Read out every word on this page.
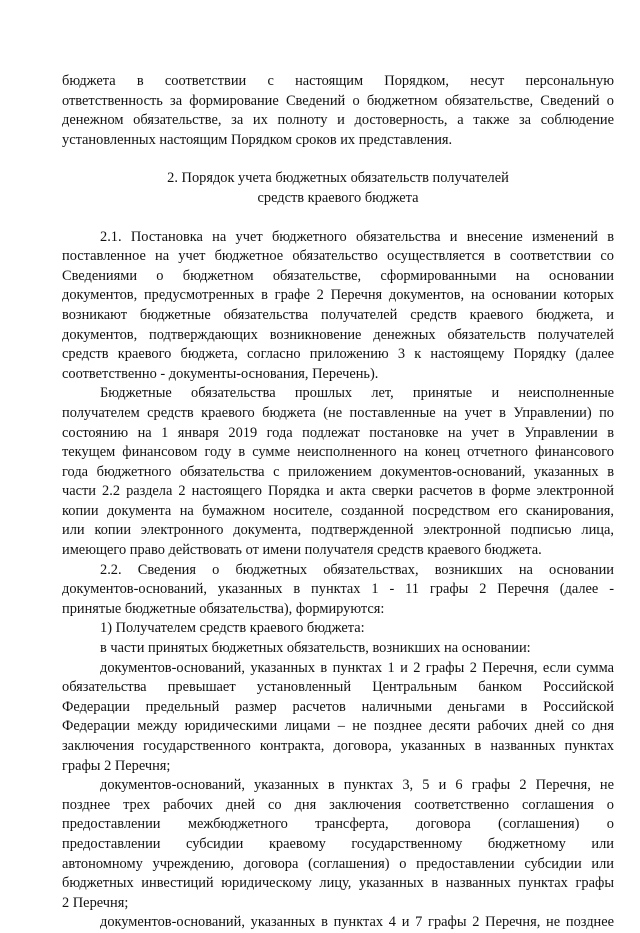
бюджета в соответствии с настоящим Порядком, несут персональную

ответственность за формирование Сведений о бюджетном обязательстве, Сведений о

денежном обязательстве, за их полноту и достоверность, а также за соблюдение

установленных настоящим Порядком сроков их представления.

2. Порядок учета бюджетных обязательств получателей
средств краевого бюджета

2.1. Постановка на учет бюджетного обязательства и внесение изменений в

поставленное на учет бюджетное обязательство осуществляется в соответствии со

Сведениями о бюджетном обязательстве, сформированными на основании

документов, предусмотренных в графе 2 Перечня документов, на основании которых

возникают бюджетные обязательства получателей средств краевого бюджета, и

документов, подтверждающих возникновение денежных обязательств получателей

средств краевого бюджета, согласно приложению 3 к настоящему Порядку (далее

соответственно - документы-основания, Перечень).

Бюджетные обязательства прошлых лет, принятые и неисполненные

получателем средств краевого бюджета (не поставленные на учет в Управлении) по

состоянию на 1 января 2019 года подлежат постановке на учет в Управлении в

текущем финансовом году в сумме неисполненного на конец отчетного финансового

года бюджетного обязательства с приложением документов-оснований, указанных в

части 2.2 раздела 2 настоящего Порядка и акта сверки расчетов в форме электронной

копии документа на бумажном носителе, созданной посредством его сканирования,

или копии электронного документа, подтвержденной электронной подписью лица,

имеющего право действовать от имени получателя средств краевого бюджета.

2.2. Сведения о бюджетных обязательствах, возникших на основании

документов-оснований, указанных в пунктах 1 - 11 графы 2 Перечня (далее -

принятые бюджетные обязательства), формируются:

1) Получателем средств краевого бюджета:

в части принятых бюджетных обязательств, возникших на основании:

документов-оснований, указанных в пунктах 1 и 2 графы 2 Перечня, если сумма

обязательства превышает установленный Центральным банком Российской

Федерации предельный размер расчетов наличными деньгами в Российской

Федерации между юридическими лицами – не позднее десяти рабочих дней со дня

заключения государственного контракта, договора, указанных в названных пунктах

графы 2 Перечня;

документов-оснований, указанных в пунктах 3, 5 и 6 графы 2 Перечня, не

позднее трех рабочих дней со дня заключения соответственно соглашения о

предоставлении межбюджетного трансферта, договора (соглашения) о

предоставлении субсидии краевому государственному бюджетному или

автономному учреждению, договора (соглашения) о предоставлении субсидии или

бюджетных инвестиций юридическому лицу, указанных в названных пунктах графы

2 Перечня;

документов-оснований, указанных в пунктах 4 и 7 графы 2 Перечня, не позднее
